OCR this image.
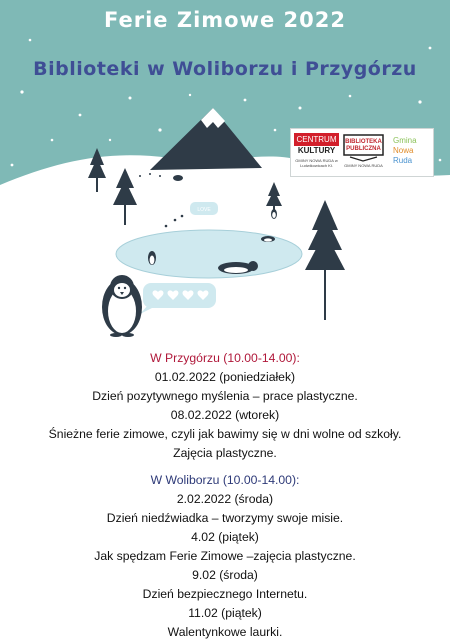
LOVE
Ferie Zimowe 2022
Biblioteki w Woliborzu i Przygórzu
CENTRUM
KULTURY
GMINY NOWA RUDA w Ludwikowicach Kł.
BIBLIOTEKA PUBLICZNA
GMINY NOWA RUDA
Gmina
Nowa
Ruda
W Przygórzu (10.00-14.00):
01.02.2022 (poniedziałek)
Dzień pozytywnego myślenia – prace plastyczne.
08.02.2022 (wtorek)
Śnieżne ferie zimowe, czyli jak bawimy się w dni wolne od szkoły.
Zajęcia plastyczne.
W Woliborzu (10.00-14.00):
2.02.2022 (środa)
Dzień niedźwiadka – tworzymy swoje misie.
4.02 (piątek)
Jak spędzam Ferie Zimowe –zajęcia plastyczne.
9.02 (środa)
Dzień bezpiecznego Internetu.
11.02 (piątek)
Walentynkowe laurki.
